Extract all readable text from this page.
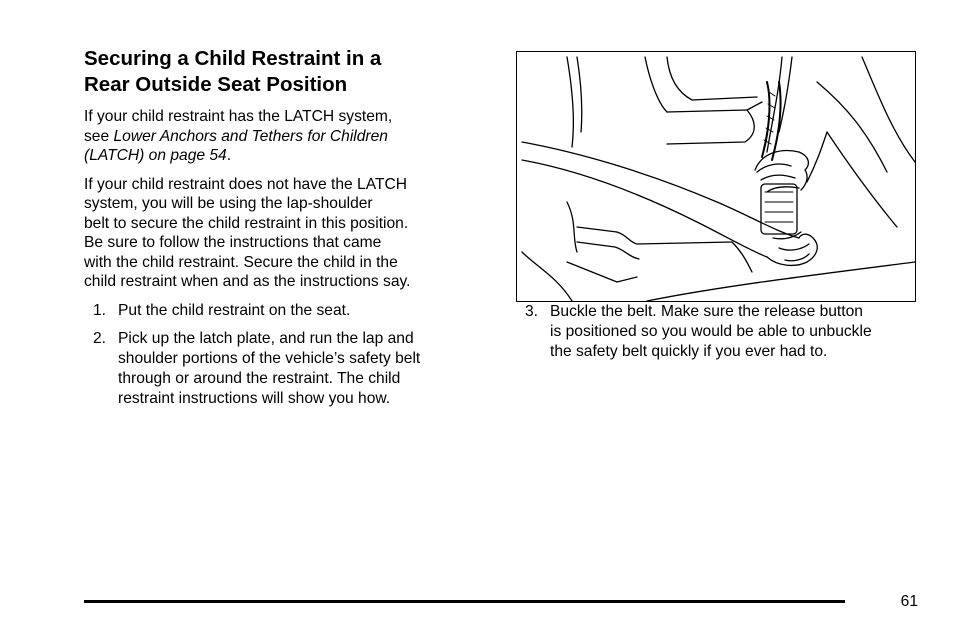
Securing a Child Restraint in a
Rear Outside Seat Position

If your child restraint has the LATCH system,
see Lower Anchors and Tethers for Children
(LATCH) on page 54.

If your child restraint does not have the LATCH
system, you will be using the lap-shoulder
belt to secure the child restraint in this position.
Be sure to follow the instructions that came
with the child restraint. Secure the child in the
child restraint when and as the instructions say.

1. Put the child restraint on the seat.
2. Pick up the latch plate, and run the lap and
shoulder portions of the vehicle’s safety belt
through or around the restraint. The child
restraint instructions will show you how.
3. Buckle the belt. Make sure the release button
is positioned so you would be able to unbuckle
the safety belt quickly if you ever had to.
61
